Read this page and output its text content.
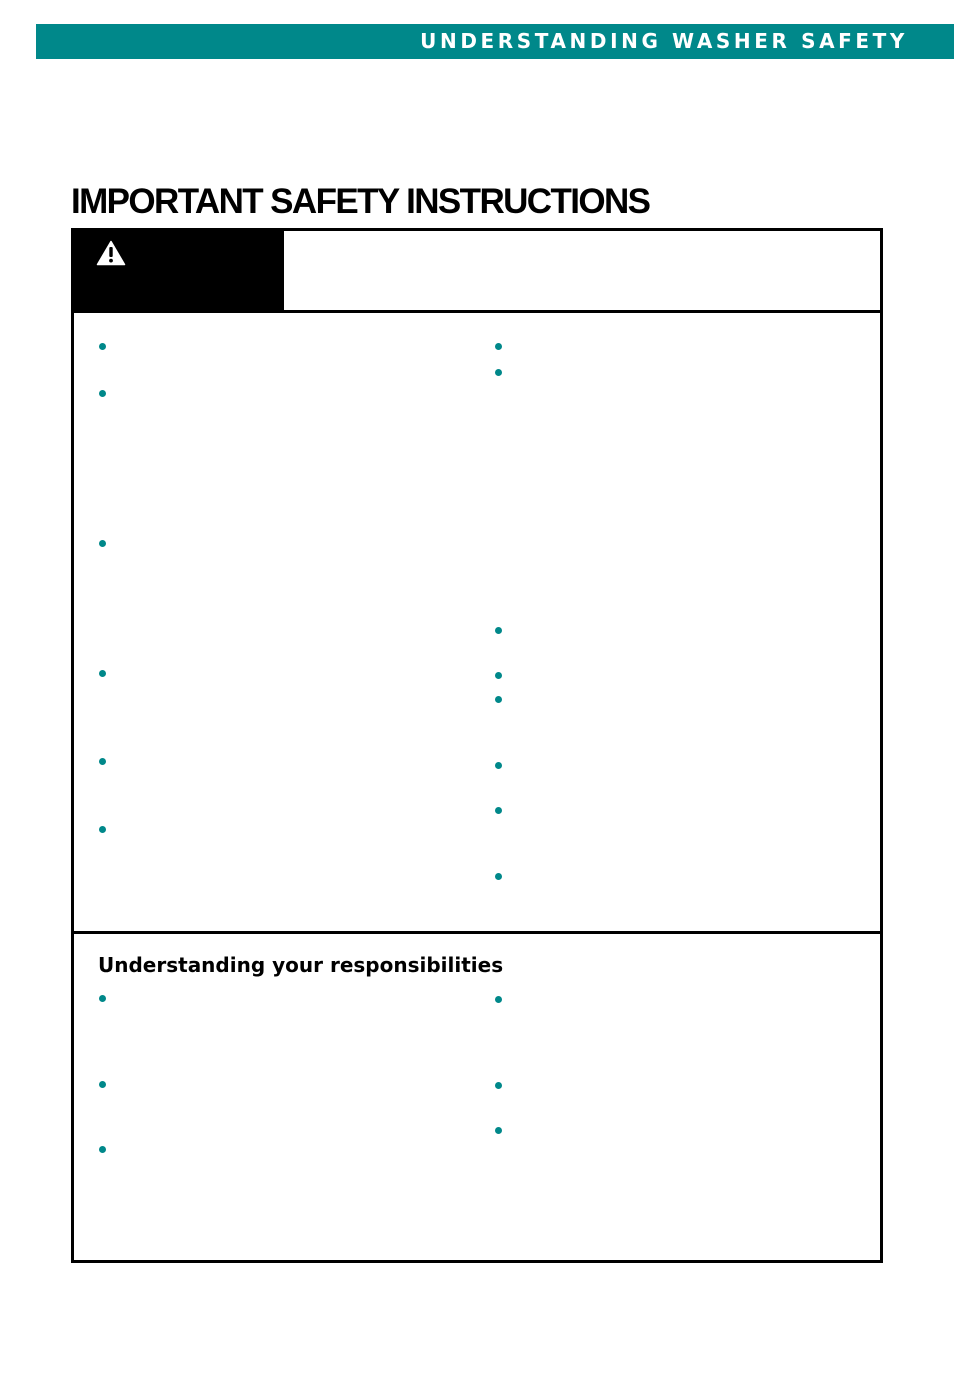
UNDERSTANDING WASHER SAFETY
IMPORTANT SAFETY INSTRUCTIONS
Understanding your responsibilities
